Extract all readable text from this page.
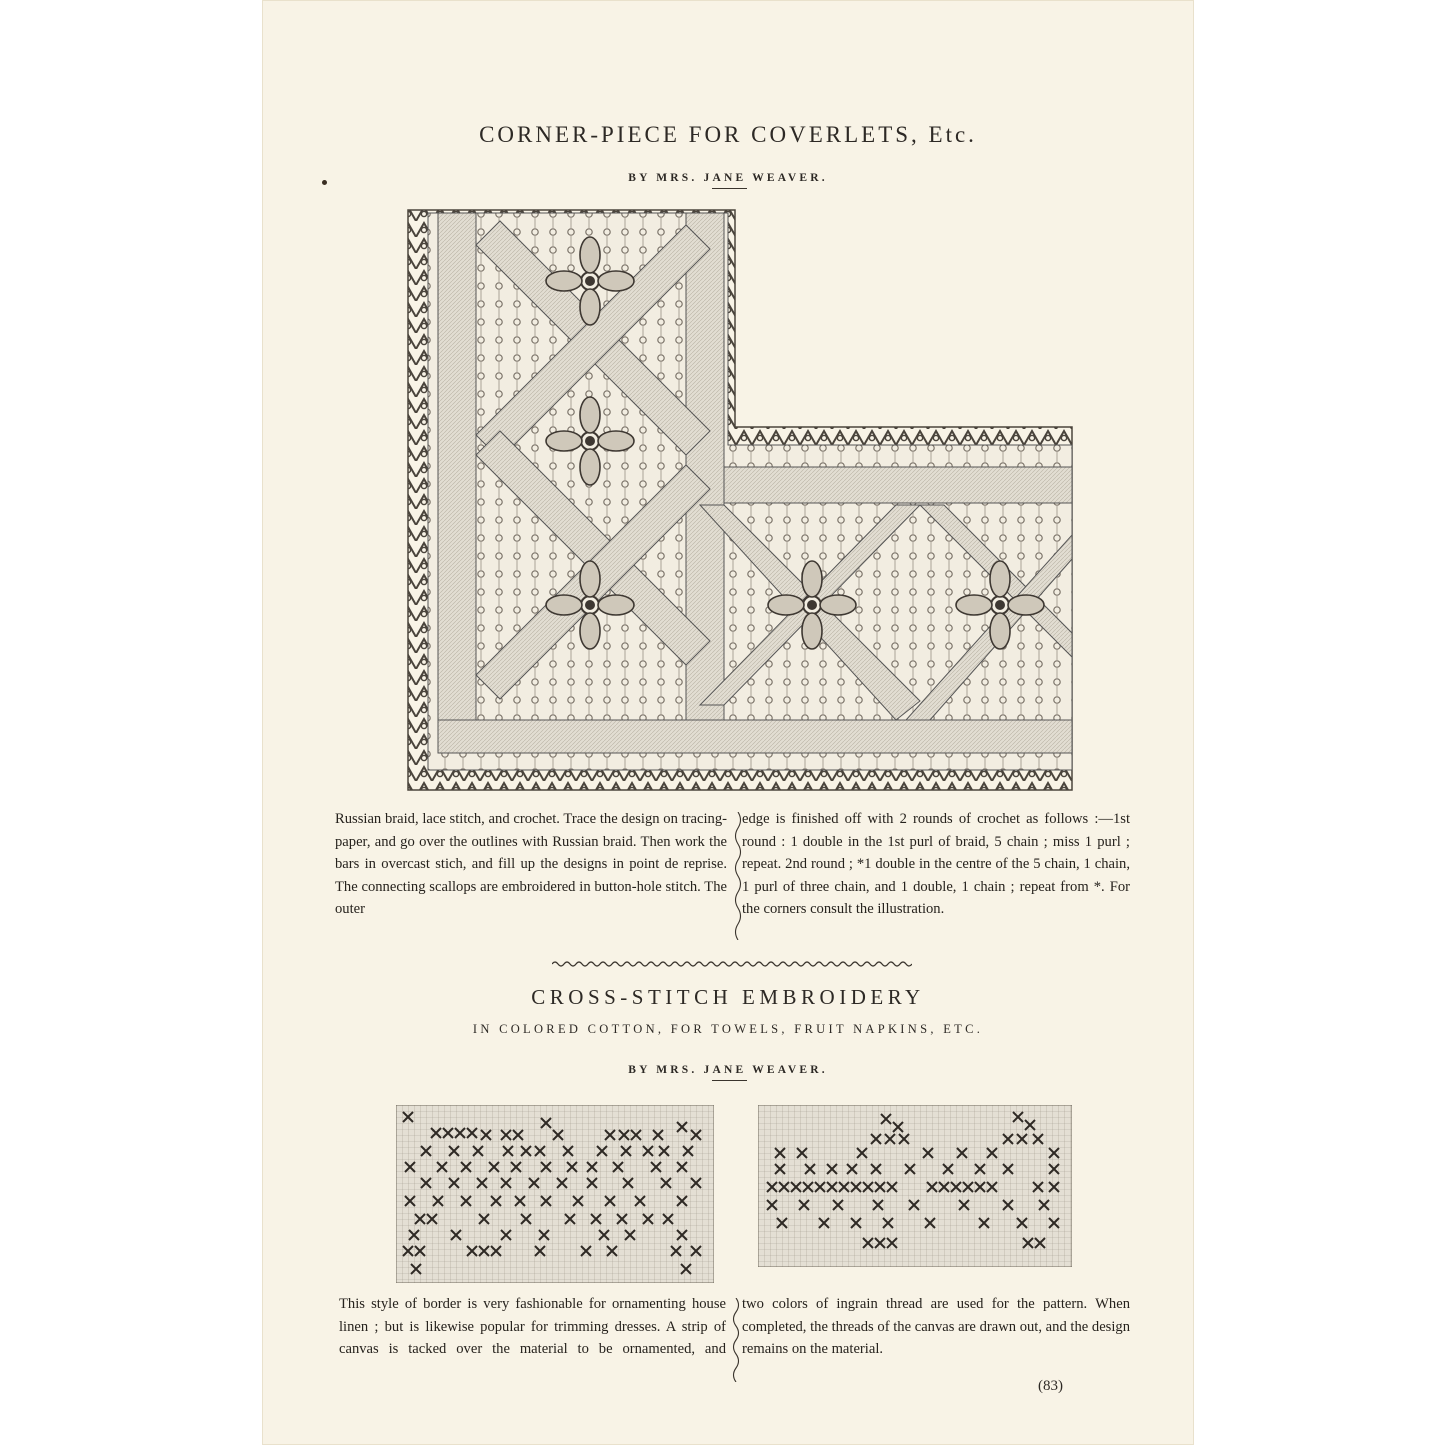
CORNER-PIECE FOR COVERLETS, Etc.
BY MRS. JANE WEAVER.
Russian braid, lace stitch, and crochet. Trace the design on tracing-paper, and go over the outlines with Russian braid. Then work the bars in overcast stich, and fill up the designs in point de reprise. The connecting scallops are embroidered in button-hole stitch. The outer
edge is finished off with 2 rounds of crochet as follows :—1st round : 1 double in the 1st purl of braid, 5 chain ; miss 1 purl ; repeat. 2nd round ; *1 double in the centre of the 5 chain, 1 chain, 1 purl of three chain, and 1 double, 1 chain ; repeat from *. For the corners consult the illustration.
CROSS-STITCH EMBROIDERY
IN COLORED COTTON, FOR TOWELS, FRUIT NAPKINS, ETC.
BY MRS. JANE WEAVER.
This style of border is very fashionable for ornamenting house linen ; but is likewise popular for trimming dresses. A strip of canvas is tacked over the material to be ornamented, and
two colors of ingrain thread are used for the pattern. When completed, the threads of the canvas are drawn out, and the design remains on the material.
(83)
